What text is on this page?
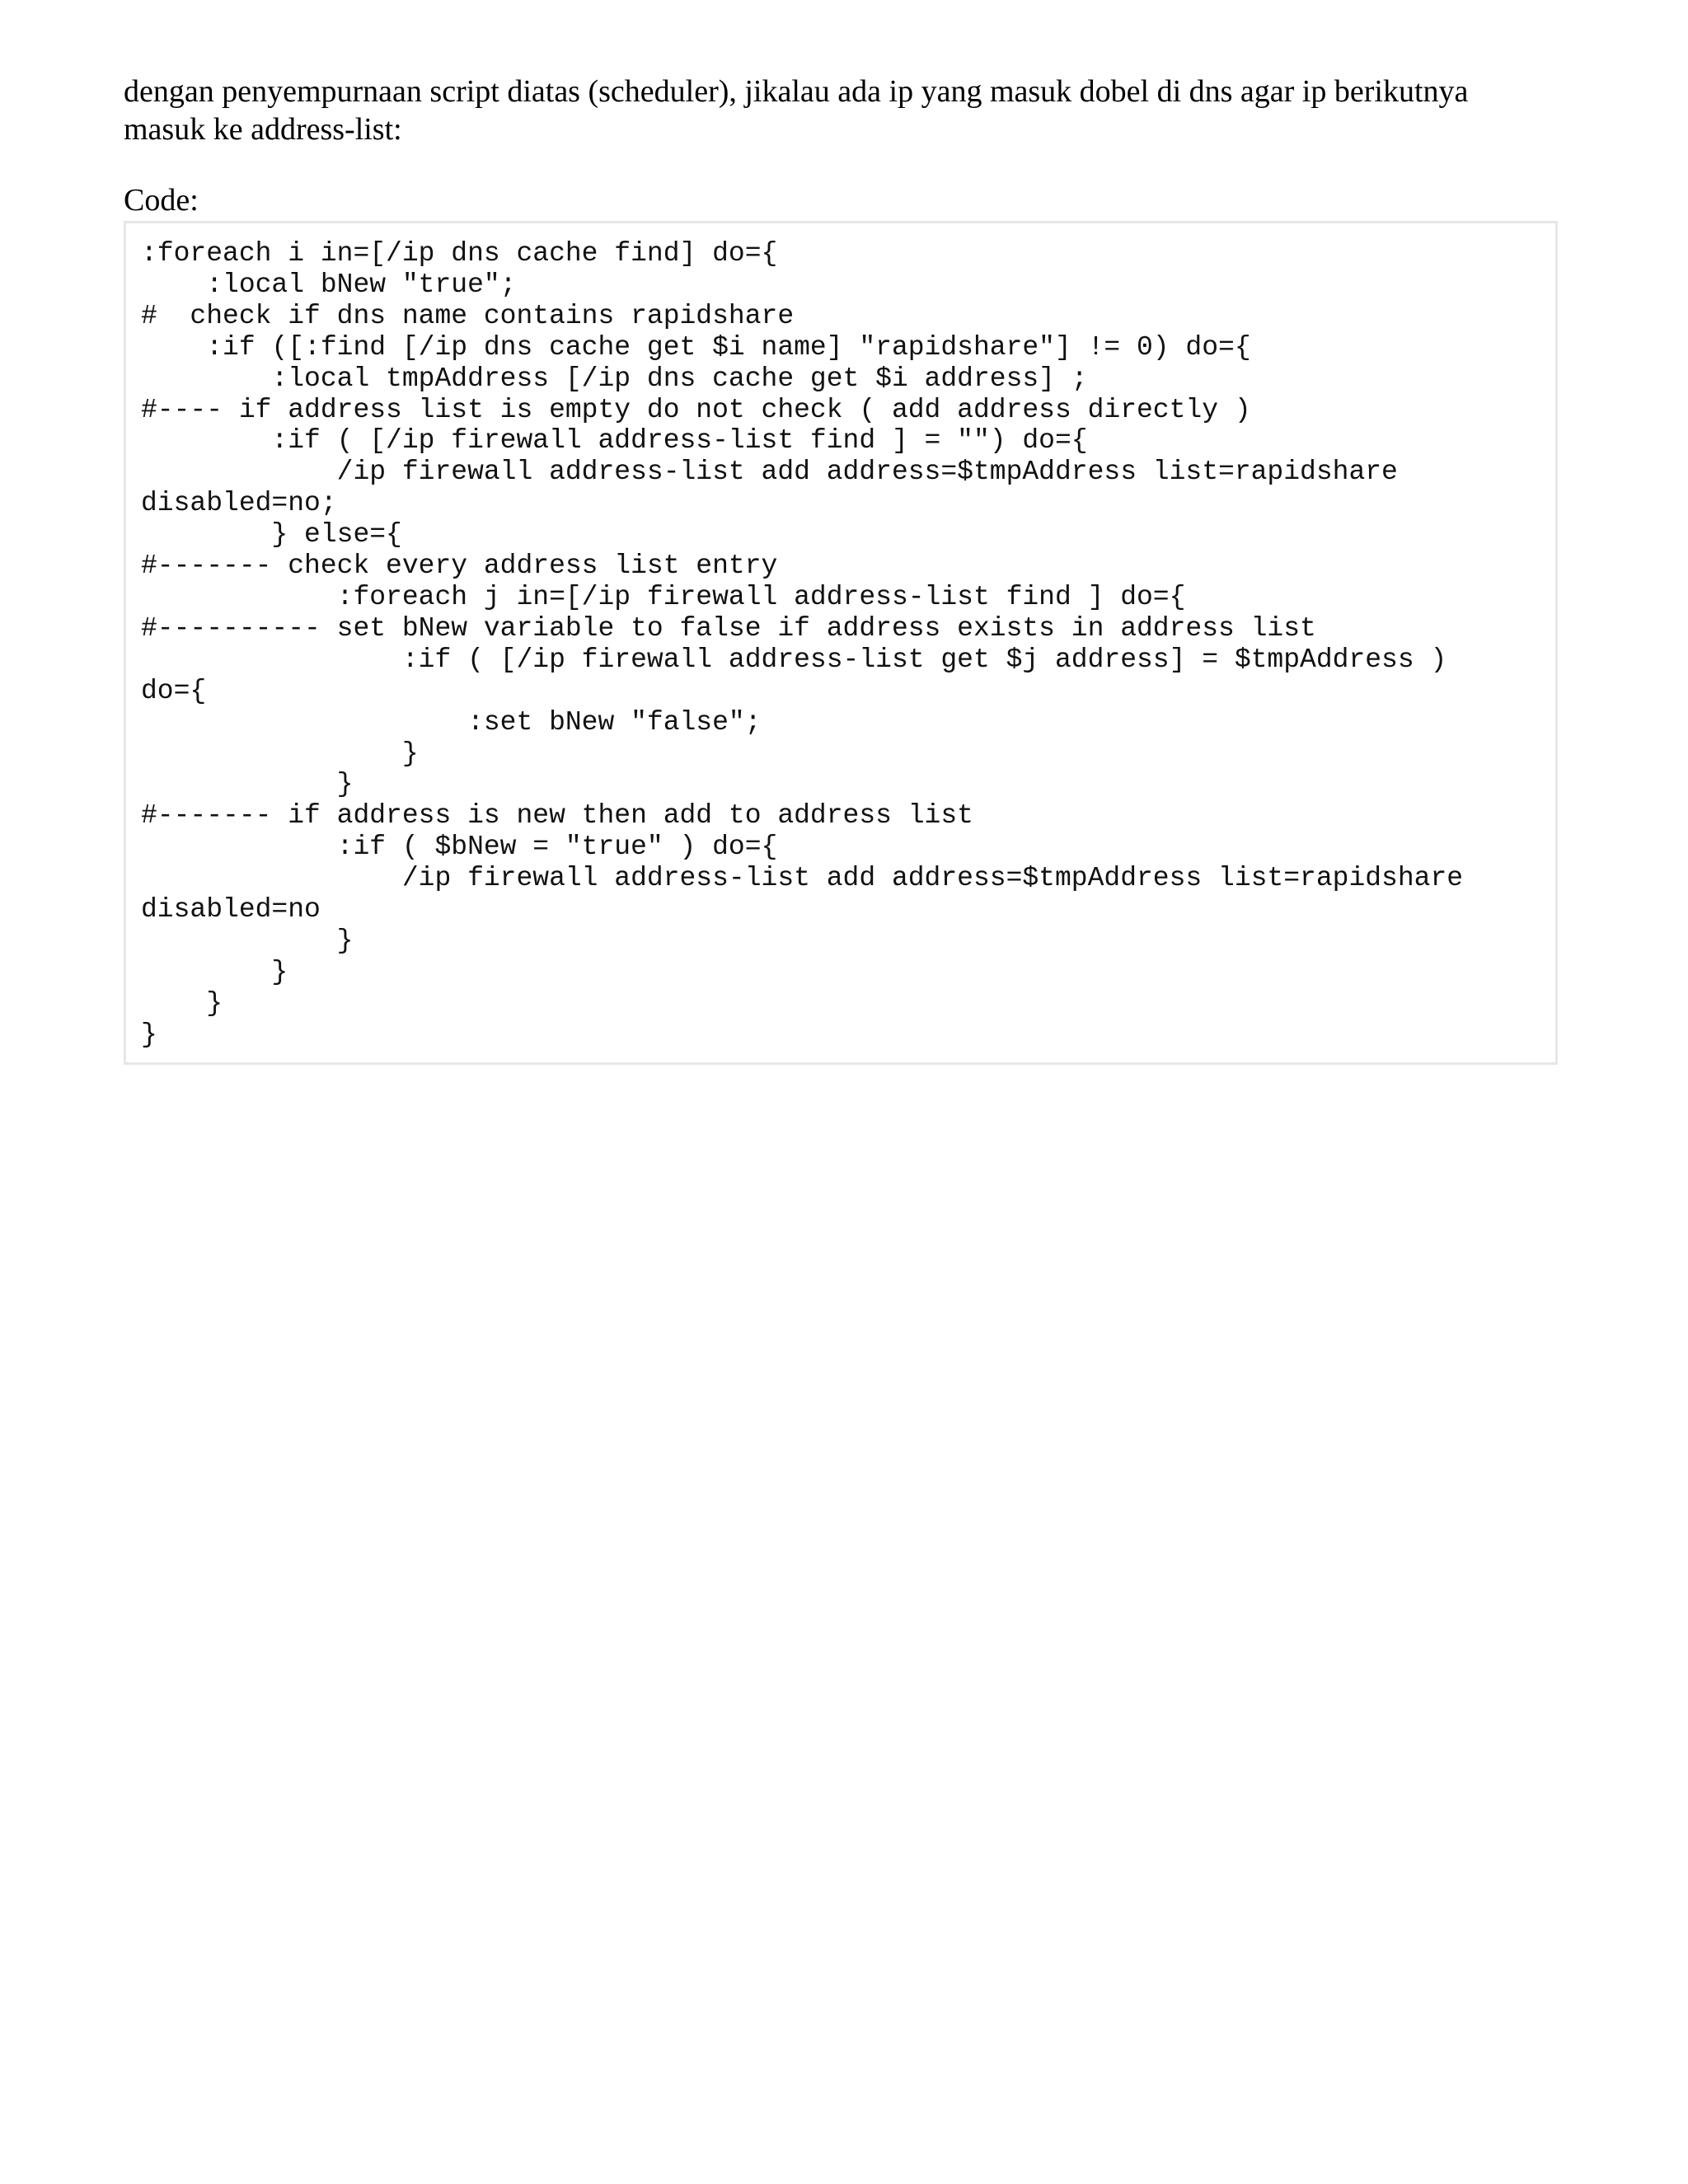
dengan penyempurnaan script diatas (scheduler), jikalau ada ip yang masuk dobel di dns agar ip berikutnya masuk ke address-list:

Code:
:foreach i in=[/ip dns cache find] do={
:local bNew "true";
#  check if dns name contains rapidshare
:if ([:find [/ip dns cache get $i name] "rapidshare"] != 0) do={
:local tmpAddress [/ip dns cache get $i address] ;
#---- if address list is empty do not check ( add address directly )
:if ( [/ip firewall address-list find ] = "") do={
/ip firewall address-list add address=$tmpAddress list=rapidshare
disabled=no;
} else={
#------- check every address list entry
:foreach j in=[/ip firewall address-list find ] do={
#---------- set bNew variable to false if address exists in address list
:if ( [/ip firewall address-list get $j address] = $tmpAddress )
do={
:set bNew "false";
}
}
#------- if address is new then add to address list
:if ( $bNew = "true" ) do={
/ip firewall address-list add address=$tmpAddress list=rapidshare
disabled=no
}
}
}
}
